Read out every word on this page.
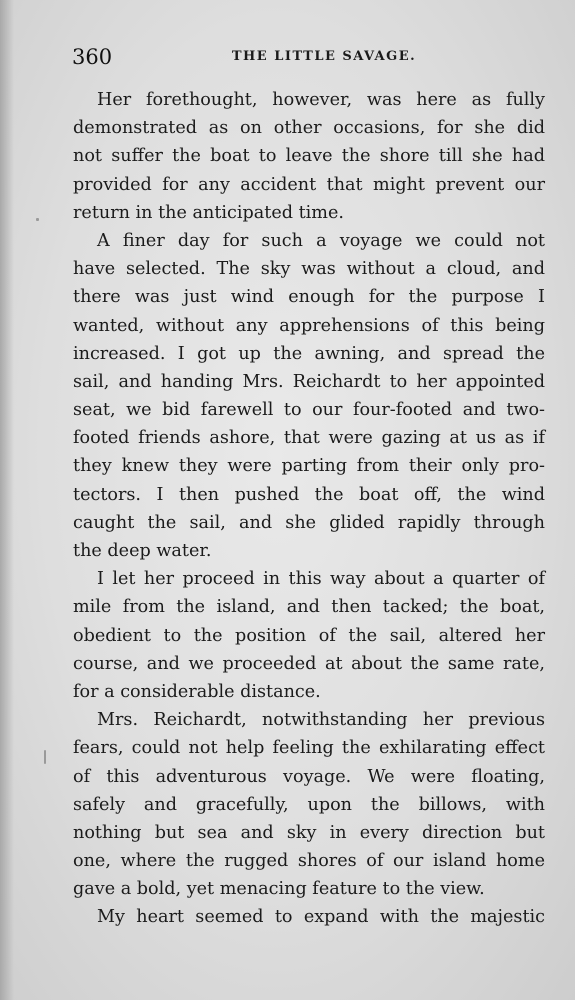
360	THE LITTLE SAVAGE.
Her forethought, however, was here as fully
demonstrated as on other occasions, for she did
not suffer the boat to leave the shore till she had
provided for any accident that might prevent our
return in the anticipated time.
A finer day for such a voyage we could not
have selected. The sky was without a cloud, and
there was just wind enough for the purpose I
wanted, without any apprehensions of this being
increased. I got up the awning, and spread the
sail, and handing Mrs. Reichardt to her appointed
seat, we bid farewell to our four-footed and two-
footed friends ashore, that were gazing at us as if
they knew they were parting from their only pro-
tectors. I then pushed the boat off, the wind
caught the sail, and she glided rapidly through
the deep water.
I let her proceed in this way about a quarter of
mile from the island, and then tacked; the boat,
obedient to the position of the sail, altered her
course, and we proceeded at about the same rate,
for a considerable distance.
Mrs. Reichardt, notwithstanding her previous
fears, could not help feeling the exhilarating effect
of this adventurous voyage. We were floating,
safely and gracefully, upon the billows, with
nothing but sea and sky in every direction but
one, where the rugged shores of our island home
gave a bold, yet menacing feature to the view.
My heart seemed to expand with the majestic
